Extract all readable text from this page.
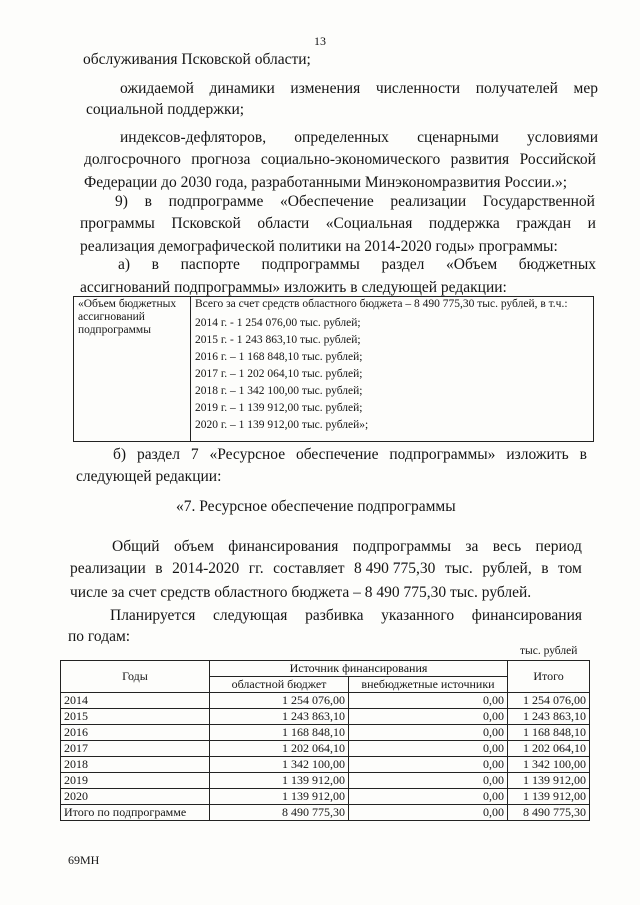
13
обслуживания Псковской области;
ожидаемой динамики изменения численности получателей мер
социальной поддержки;
индексов-дефляторов, определенных сценарными условиями
долгосрочного прогноза социально-экономического развития Российской
Федерации до 2030 года, разработанными Минэкономразвития России.»;
9) в подпрограмме «Обеспечение реализации Государственной
программы Псковской области «Социальная поддержка граждан и
реализация демографической политики на 2014-2020 годы» программы:
а) в паспорте подпрограммы раздел «Объем бюджетных
ассигнований подпрограммы» изложить в следующей редакции:
«Объем бюджетных ассигнований подпрограммы	
Всего за счет средств областного бюджета – 8 490 775,30 тыс. рублей, в т.ч.:
2014 г. - 1 254 076,00 тыс. рублей;
2015 г. - 1 243 863,10 тыс. рублей;
2016 г. – 1 168 848,10 тыс. рублей;
2017 г. – 1 202 064,10 тыс. рублей;
2018 г. – 1 342 100,00 тыс. рублей;
2019 г. – 1 139 912,00 тыс. рублей;
2020 г. – 1 139 912,00 тыс. рублей»;
б) раздел 7 «Ресурсное обеспечение подпрограммы» изложить в
следующей редакции:
«7. Ресурсное обеспечение подпрограммы
Общий объем финансирования подпрограммы за весь период
реализации в 2014-2020 гг. составляет 8 490 775,30 тыс. рублей, в том
числе за счет средств областного бюджета – 8 490 775,30 тыс. рублей.
Планируется следующая разбивка указанного финансирования
по годам:
тыс. рублей
Годы	Источник финансирования		Итого
	областной бюджет	внебюджетные источники	
2014	1 254 076,00	0,00	1 254 076,00
2015	1 243 863,10	0,00	1 243 863,10
2016	1 168 848,10	0,00	1 168 848,10
2017	1 202 064,10	0,00	1 202 064,10
2018	1 342 100,00	0,00	1 342 100,00
2019	1 139 912,00	0,00	1 139 912,00
2020	1 139 912,00	0,00	1 139 912,00
Итого по подпрограмме	8 490 775,30	0,00	8 490 775,30
69МН
